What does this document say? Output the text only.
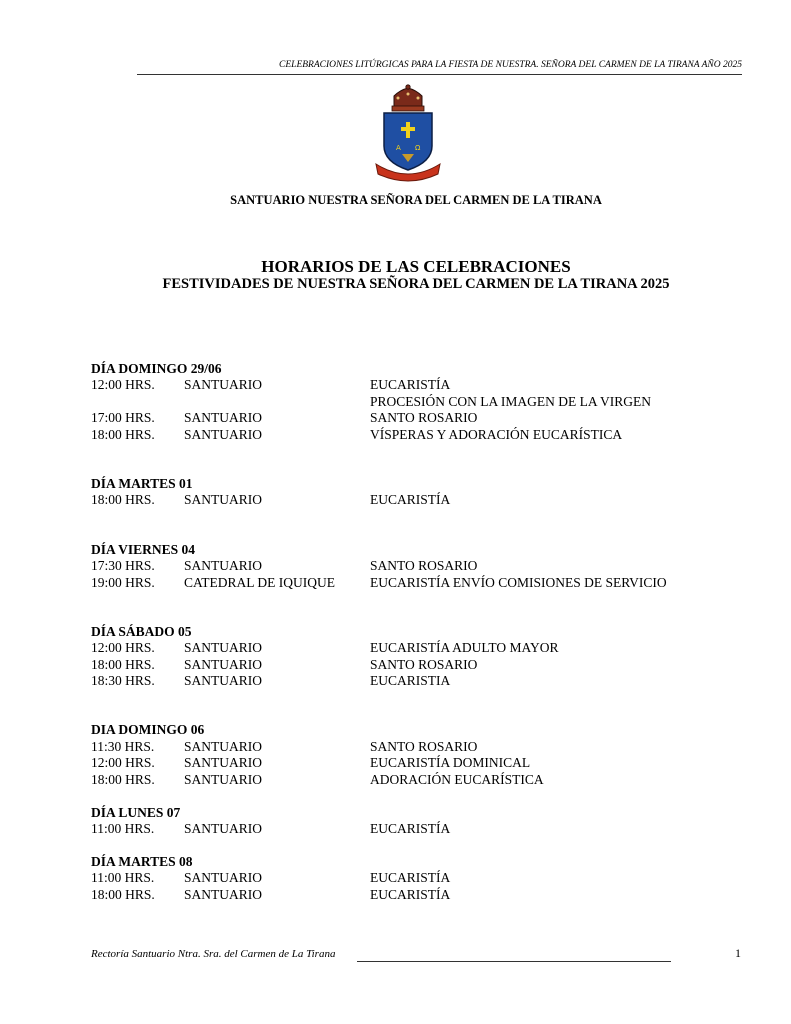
CELEBRACIONES LITÚRGICAS PARA LA FIESTA DE NUESTRA. SEÑORA DEL CARMEN DE LA TIRANA AÑO 2025
A Ω
SANTUARIO NUESTRA SEÑORA DEL CARMEN DE LA TIRANA
HORARIOS DE LAS CELEBRACIONES
FESTIVIDADES DE NUESTRA SEÑORA DEL CARMEN DE LA TIRANA 2025
DÍA DOMINGO 29/06
12:00 HRS. SANTUARIO	EUCARISTÍA
PROCESIÓN CON LA IMAGEN DE LA VIRGEN
17:00 HRS. SANTUARIO	SANTO ROSARIO
18:00 HRS. SANTUARIO	VÍSPERAS Y ADORACIÓN EUCARÍSTICA
DÍA MARTES 01
18:00 HRS. SANTUARIO	EUCARISTÍA
DÍA VIERNES 04
17:30 HRS. SANTUARIO	SANTO ROSARIO
19:00 HRS. CATEDRAL DE IQUIQUE	EUCARISTÍA ENVÍO COMISIONES DE SERVICIO
DÍA SÁBADO 05
12:00 HRS. SANTUARIO	EUCARISTÍA ADULTO MAYOR
18:00 HRS. SANTUARIO	SANTO ROSARIO
18:30 HRS. SANTUARIO	EUCARISTIA
DIA DOMINGO 06
11:30 HRS. SANTUARIO	SANTO ROSARIO
12:00 HRS. SANTUARIO	EUCARISTÍA DOMINICAL
18:00 HRS. SANTUARIO	ADORACIÓN EUCARÍSTICA
DÍA LUNES 07
11:00 HRS. SANTUARIO	EUCARISTÍA
DÍA MARTES 08
11:00 HRS. SANTUARIO	EUCARISTÍA
18:00 HRS. SANTUARIO	EUCARISTÍA
Rectoría Santuario Ntra. Sra. del Carmen de La Tirana	1
